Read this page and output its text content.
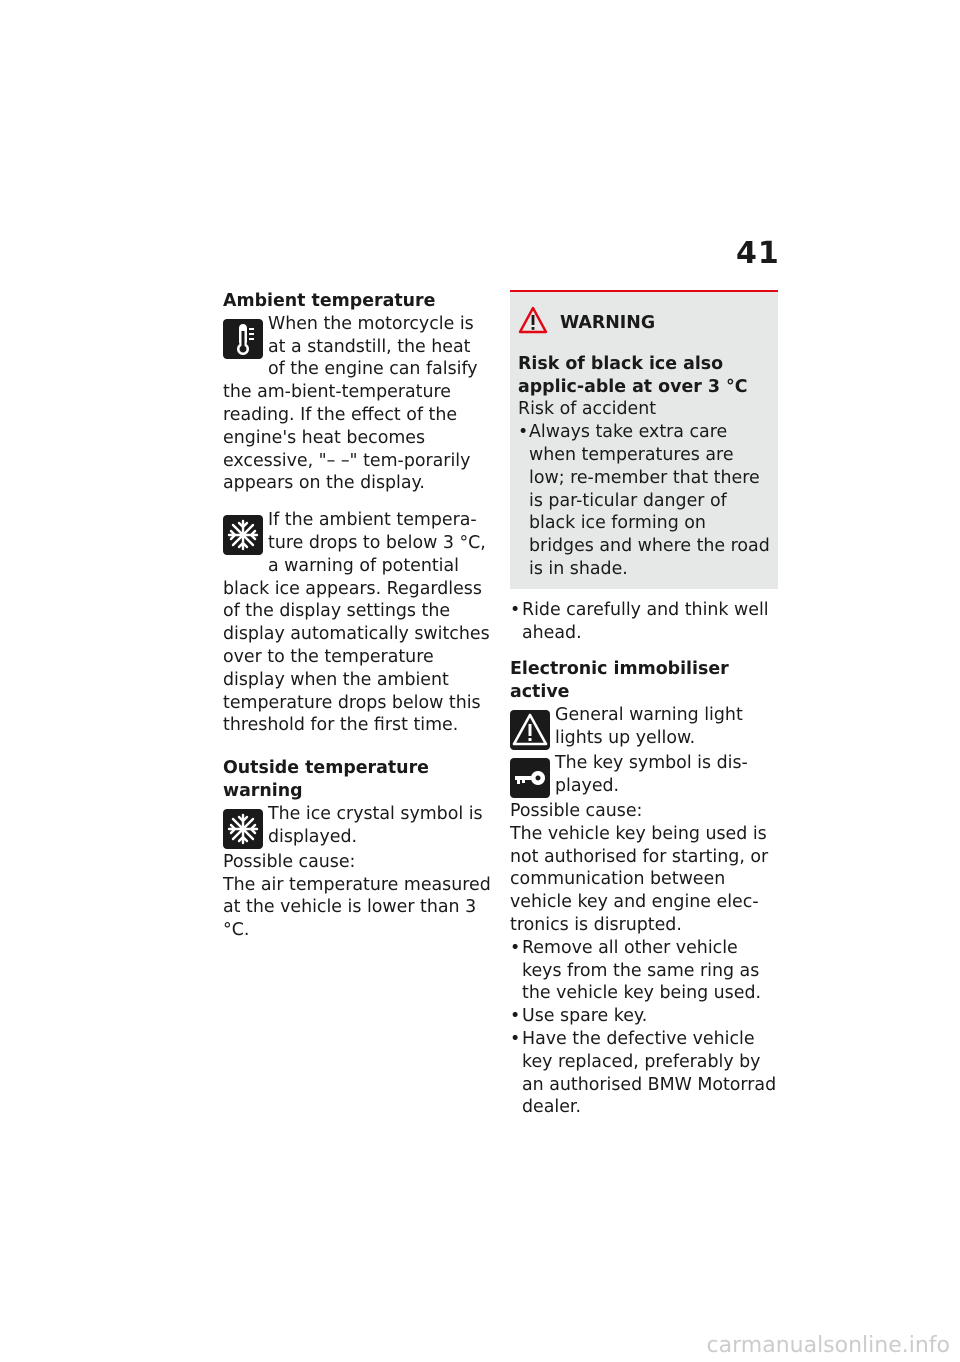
41
Ambient temperature

When the motorcycle is at a standstill, the heat of the engine can falsify the am-bient-temperature reading. If the effect of the engine's heat becomes excessive, "– –" tem-porarily appears on the display.

If the ambient tempera-ture drops to below 3 °C, a warning of potential black ice appears. Regardless of the display settings the display automatically switches over to the temperature display when the ambient temperature drops below this threshold for the first time.

Outside temperature warning

The ice crystal symbol is displayed.

Possible cause:

The air temperature measured at the vehicle is lower than 3 °C.

WARNING
Risk of black ice also applic-able at over 3 °C

Risk of accident

• Always take extra care when temperatures are low; re-member that there is par-ticular danger of black ice forming on bridges and where the road is in shade.
• Ride carefully and think well ahead.
Electronic immobiliser active

General warning light lights up yellow.

The key symbol is dis-played.

Possible cause:

The vehicle key being used is not authorised for starting, or communication between vehicle key and engine elec-tronics is disrupted.

• Remove all other vehicle keys from the same ring as the vehicle key being used.
• Use spare key.
• Have the defective vehicle key replaced, preferably by an authorised BMW Motorrad dealer.
carmanualsonline.info
